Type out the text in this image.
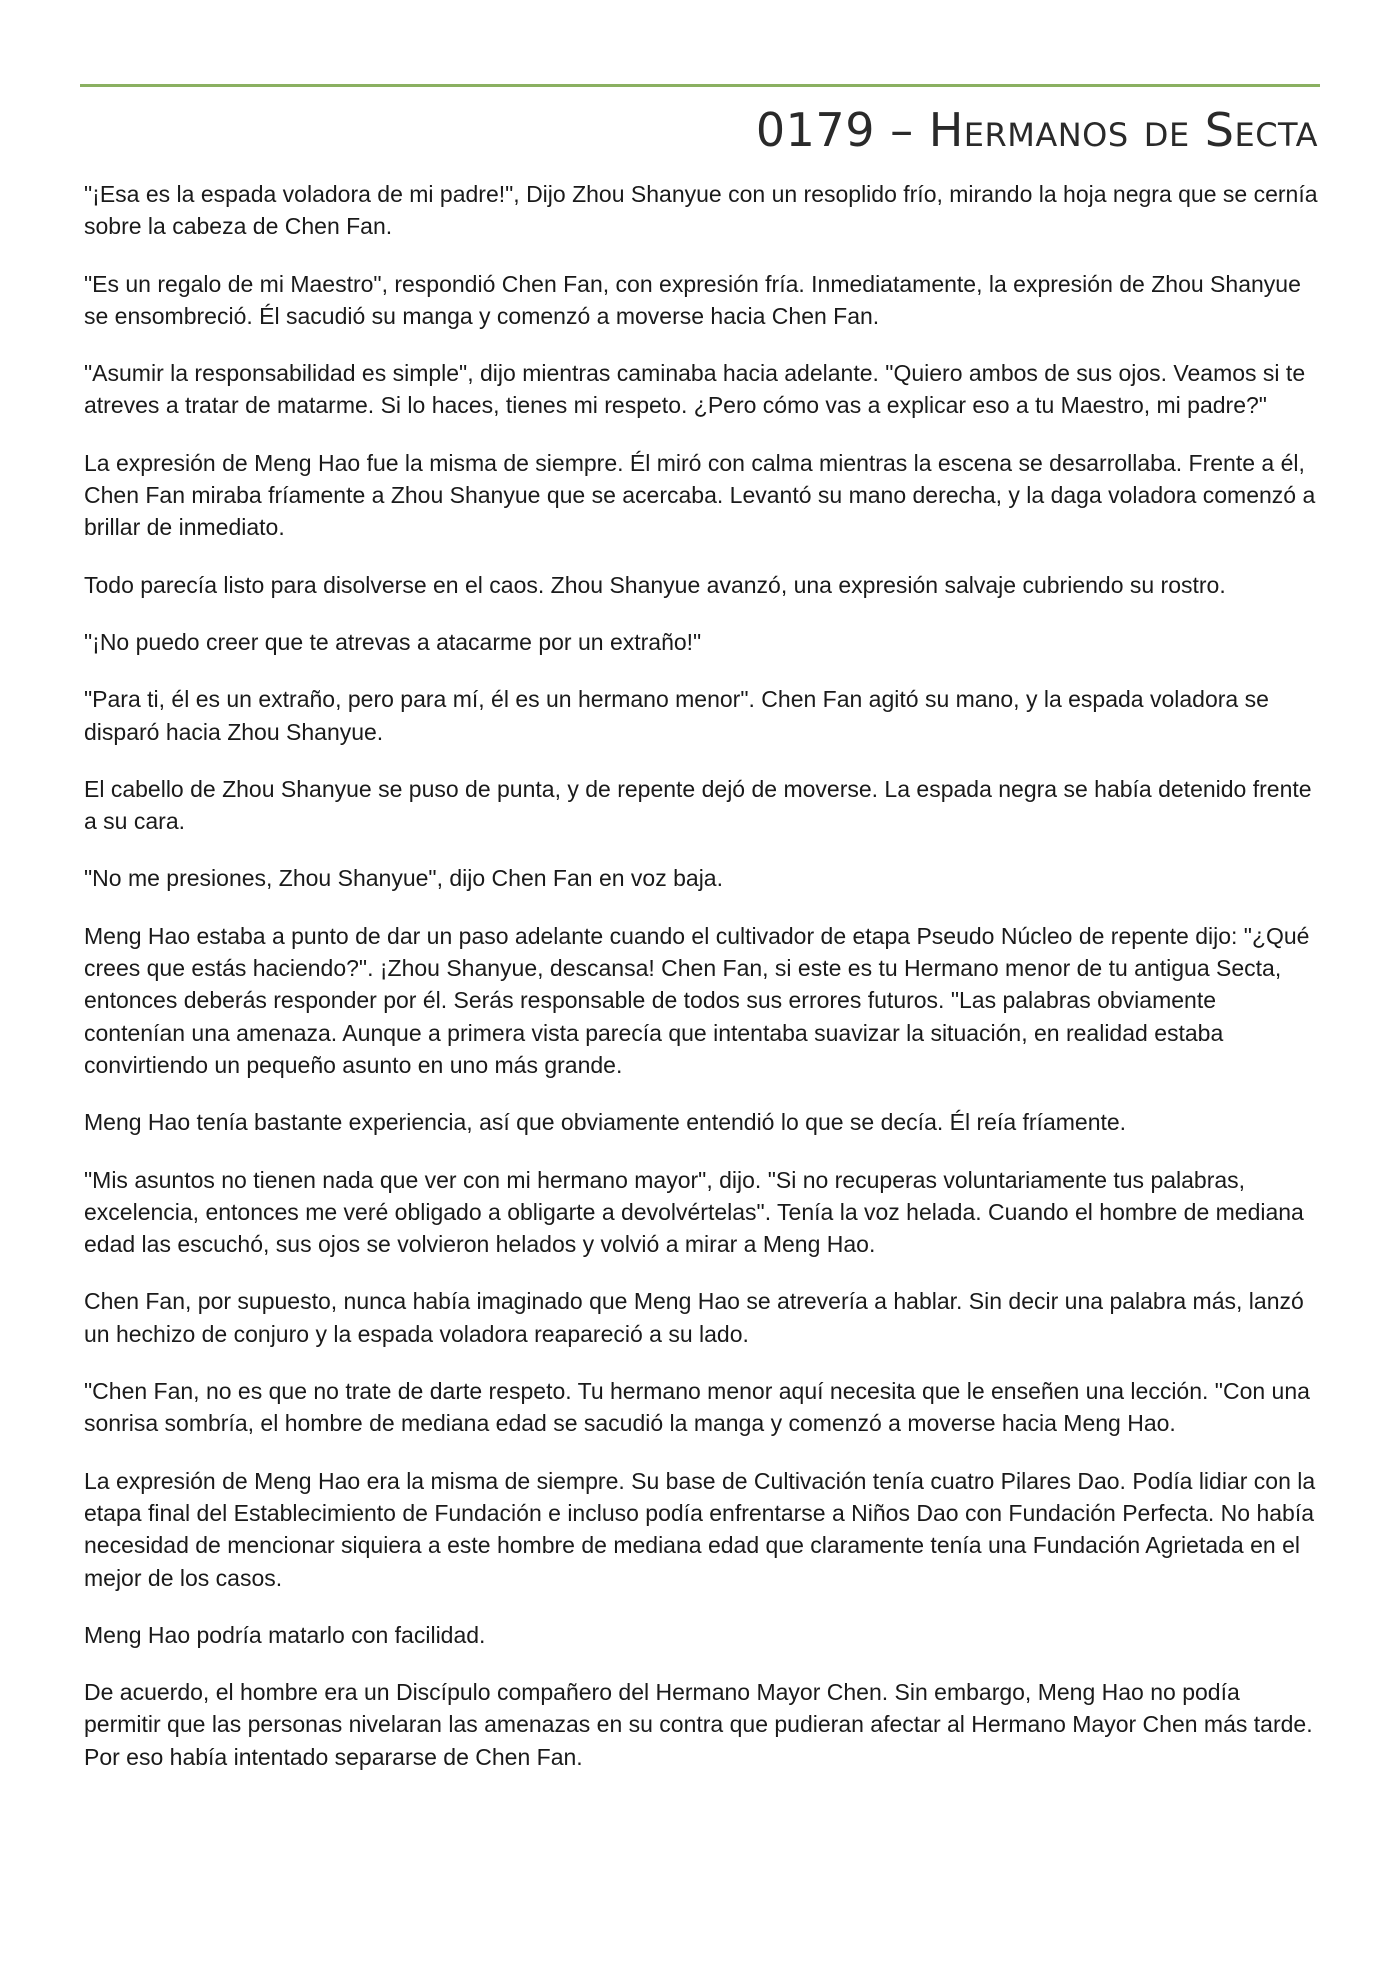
0179 – Hermanos de Secta

"¡Esa es la espada voladora de mi padre!", Dijo Zhou Shanyue con un resoplido frío, mirando la hoja negra que se cernía sobre la cabeza de Chen Fan.

"Es un regalo de mi Maestro", respondió Chen Fan, con expresión fría. Inmediatamente, la expresión de Zhou Shanyue se ensombreció. Él sacudió su manga y comenzó a moverse hacia Chen Fan.

"Asumir la responsabilidad es simple", dijo mientras caminaba hacia adelante. "Quiero ambos de sus ojos. Veamos si te atreves a tratar de matarme. Si lo haces, tienes mi respeto. ¿Pero cómo vas a explicar eso a tu Maestro, mi padre?"

La expresión de Meng Hao fue la misma de siempre. Él miró con calma mientras la escena se desarrollaba. Frente a él, Chen Fan miraba fríamente a Zhou Shanyue que se acercaba. Levantó su mano derecha, y la daga voladora comenzó a brillar de inmediato.

Todo parecía listo para disolverse en el caos. Zhou Shanyue avanzó, una expresión salvaje cubriendo su rostro.

"¡No puedo creer que te atrevas a atacarme por un extraño!"

"Para ti, él es un extraño, pero para mí, él es un hermano menor". Chen Fan agitó su mano, y la espada voladora se disparó hacia Zhou Shanyue.

El cabello de Zhou Shanyue se puso de punta, y de repente dejó de moverse. La espada negra se había detenido frente a su cara.

"No me presiones, Zhou Shanyue", dijo Chen Fan en voz baja.

Meng Hao estaba a punto de dar un paso adelante cuando el cultivador de etapa Pseudo Núcleo de repente dijo: "¿Qué crees que estás haciendo?". ¡Zhou Shanyue, descansa! Chen Fan, si este es tu Hermano menor de tu antigua Secta, entonces deberás responder por él. Serás responsable de todos sus errores futuros. "Las palabras obviamente contenían una amenaza. Aunque a primera vista parecía que intentaba suavizar la situación, en realidad estaba convirtiendo un pequeño asunto en uno más grande.

Meng Hao tenía bastante experiencia, así que obviamente entendió lo que se decía. Él reía fríamente.

"Mis asuntos no tienen nada que ver con mi hermano mayor", dijo. "Si no recuperas voluntariamente tus palabras, excelencia, entonces me veré obligado a obligarte a devolvértelas". Tenía la voz helada. Cuando el hombre de mediana edad las escuchó, sus ojos se volvieron helados y volvió a mirar a Meng Hao.

Chen Fan, por supuesto, nunca había imaginado que Meng Hao se atrevería a hablar. Sin decir una palabra más, lanzó un hechizo de conjuro y la espada voladora reapareció a su lado.

"Chen Fan, no es que no trate de darte respeto. Tu hermano menor aquí necesita que le enseñen una lección. "Con una sonrisa sombría, el hombre de mediana edad se sacudió la manga y comenzó a moverse hacia Meng Hao.

La expresión de Meng Hao era la misma de siempre. Su base de Cultivación tenía cuatro Pilares Dao. Podía lidiar con la etapa final del Establecimiento de Fundación e incluso podía enfrentarse a Niños Dao con Fundación Perfecta. No había necesidad de mencionar siquiera a este hombre de mediana edad que claramente tenía una Fundación Agrietada en el mejor de los casos.

Meng Hao podría matarlo con facilidad.

De acuerdo, el hombre era un Discípulo compañero del Hermano Mayor Chen. Sin embargo, Meng Hao no podía permitir que las personas nivelaran las amenazas en su contra que pudieran afectar al Hermano Mayor Chen más tarde. Por eso había intentado separarse de Chen Fan.
